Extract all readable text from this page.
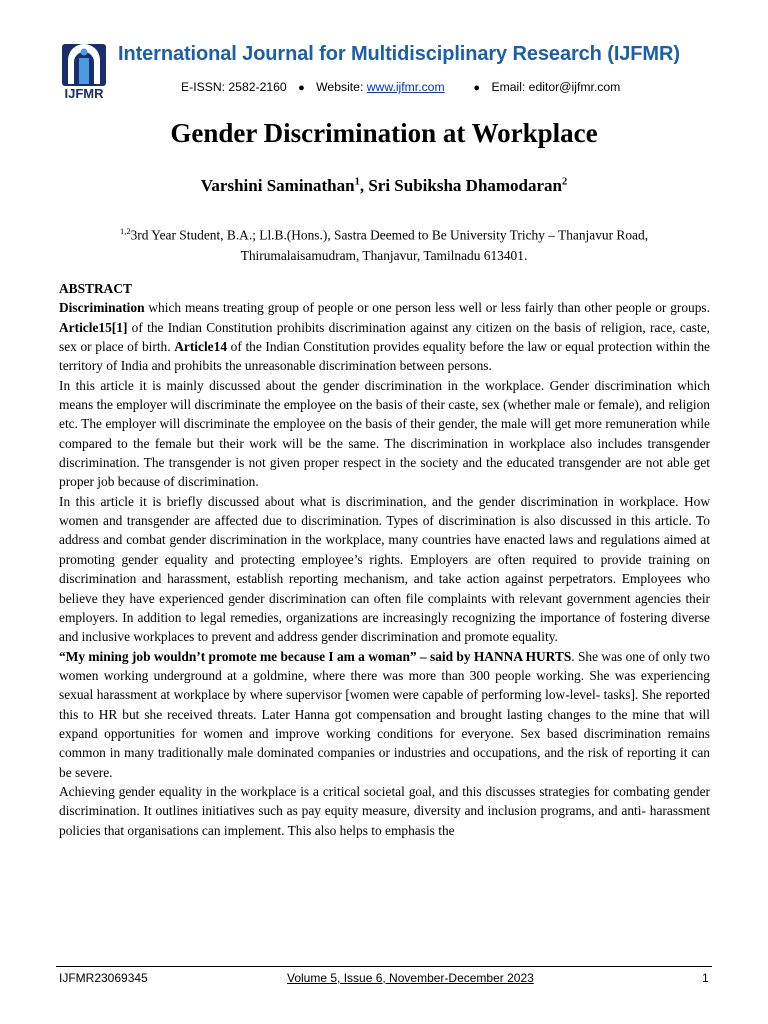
IJFMR
International Journal for Multidisciplinary Research (IJFMR)
E-ISSN: 2582-2160 ● Website: www.ijfmr.com	● Email: editor@ijfmr.com
Gender Discrimination at Workplace
Varshini Saminathan$^1$, Sri Subiksha Dhamodaran$^2$
$^{1,2}$3rd Year Student, B.A.; Ll.B.(Hons.), Sastra Deemed to Be University Trichy – Thanjavur Road,
Thirumalaisamudram, Thanjavur, Tamilnadu 613401.

ABSTRACT

Discrimination which means treating group of people or one person less well or less fairly than other people or groups. Article15[1] of the Indian Constitution prohibits discrimination against any citizen on the basis of religion, race, caste, sex or place of birth. Article14 of the Indian Constitution provides equality before the law or equal protection within the territory of India and prohibits the unreasonable discrimination between persons.

In this article it is mainly discussed about the gender discrimination in the workplace. Gender discrimination which means the employer will discriminate the employee on the basis of their caste, sex (whether male or female), and religion etc. The employer will discriminate the employee on the basis of their gender, the male will get more remuneration while compared to the female but their work will be the same. The discrimination in workplace also includes transgender discrimination. The transgender is not given proper respect in the society and the educated transgender are not able get proper job because of discrimination.

In this article it is briefly discussed about what is discrimination, and the gender discrimination in workplace. How women and transgender are affected due to discrimination. Types of discrimination is also discussed in this article. To address and combat gender discrimination in the workplace, many countries have enacted laws and regulations aimed at promoting gender equality and protecting employee’s rights. Employers are often required to provide training on discrimination and harassment, establish reporting mechanism, and take action against perpetrators. Employees who believe they have experienced gender discrimination can often file complaints with relevant government agencies their employers. In addition to legal remedies, organizations are increasingly recognizing the importance of fostering diverse and inclusive workplaces to prevent and address gender discrimination and promote equality.

“My mining job wouldn’t promote me because I am a woman” – said by HANNA HURTS. She was one of only two women working underground at a goldmine, where there was more than 300 people working. She was experiencing sexual harassment at workplace by where supervisor [women were capable of performing low-level- tasks]. She reported this to HR but she received threats. Later Hanna got compensation and brought lasting changes to the mine that will expand opportunities for women and improve working conditions for everyone. Sex based discrimination remains common in many traditionally male dominated companies or industries and occupations, and the risk of reporting it can be severe.

Achieving gender equality in the workplace is a critical societal goal, and this discusses strategies for combating gender discrimination. It outlines initiatives such as pay equity measure, diversity and inclusion programs, and anti- harassment policies that organisations can implement. This also helps to emphasis the

IJFMR23069345	Volume 5, Issue 6, November-December 2023	1
